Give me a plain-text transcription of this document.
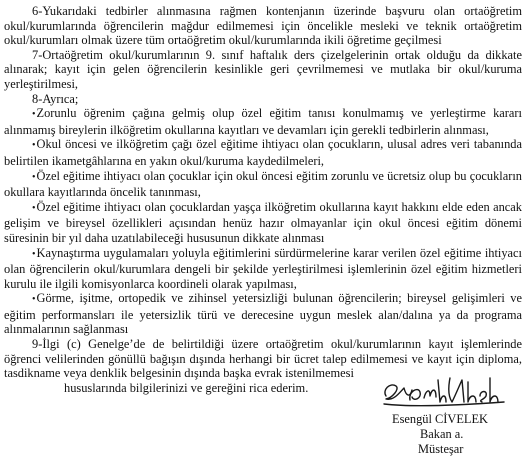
6-Yukarıdaki tedbirler alınmasına rağmen kontenjanın üzerinde başvuru olan ortaöğretim okul/kurumlarında öğrencilerin mağdur edilmemesi için öncelikle mesleki ve teknik ortaöğretim okul/kurumları olmak üzere tüm ortaöğretim okul/kurumlarında ikili öğretime geçilmesi

7-Ortaöğretim okul/kurumlarının 9. sınıf haftalık ders çizelgelerinin ortak olduğu da dikkate alınarak; kayıt için gelen öğrencilerin kesinlikle geri çevrilmemesi ve mutlaka bir okul/kuruma yerleştirilmesi,

8-Ayrıca;

• Zorunlu öğrenim çağına gelmiş olup özel eğitim tanısı konulmamış ve yerleştirme kararı alınmamış bireylerin ilköğretim okullarına kayıtları ve devamları için gerekli tedbirlerin alınması,

• Okul öncesi ve ilköğretim çağı özel eğitime ihtiyacı olan çocukların, ulusal adres veri tabanında belirtilen ikametgâhlarına en yakın okul/kuruma kaydedilmeleri,

• Özel eğitime ihtiyacı olan çocuklar için okul öncesi eğitim zorunlu ve ücretsiz olup bu çocukların okullara kayıtlarında öncelik tanınması,

• Özel eğitime ihtiyacı olan çocuklardan yaşça ilköğretim okullarına kayıt hakkını elde eden ancak gelişim ve bireysel özellikleri açısından henüz hazır olmayanlar için okul öncesi eğitim dönemi süresinin bir yıl daha uzatılabileceği hususunun dikkate alınması

• Kaynaştırma uygulamaları yoluyla eğitimlerini sürdürmelerine karar verilen özel eğitime ihtiyacı olan öğrencilerin okul/kurumlara dengeli bir şekilde yerleştirilmesi işlemlerinin özel eğitim hizmetleri kurulu ile ilgili komisyonlarca koordineli olarak yapılması,

• Görme, işitme, ortopedik ve zihinsel yetersizliği bulunan öğrencilerin; bireysel gelişimleri ve eğitim performansları ile yetersizlik türü ve derecesine uygun meslek alan/dalına ya da programa alınmalarının sağlanması

9-İlgi (c) Genelge’de de belirtildiği üzere ortaöğretim okul/kurumlarının kayıt işlemlerinde öğrenci velilerinden gönüllü bağışın dışında herhangi bir ücret talep edilmemesi ve kayıt için diploma, tasdikname veya denklik belgesinin dışında başka evrak istenilmemesi

hususlarında bilgilerinizi ve gereğini rica ederim.

Esengül CİVELEK
Bakan a.
Müsteşar
